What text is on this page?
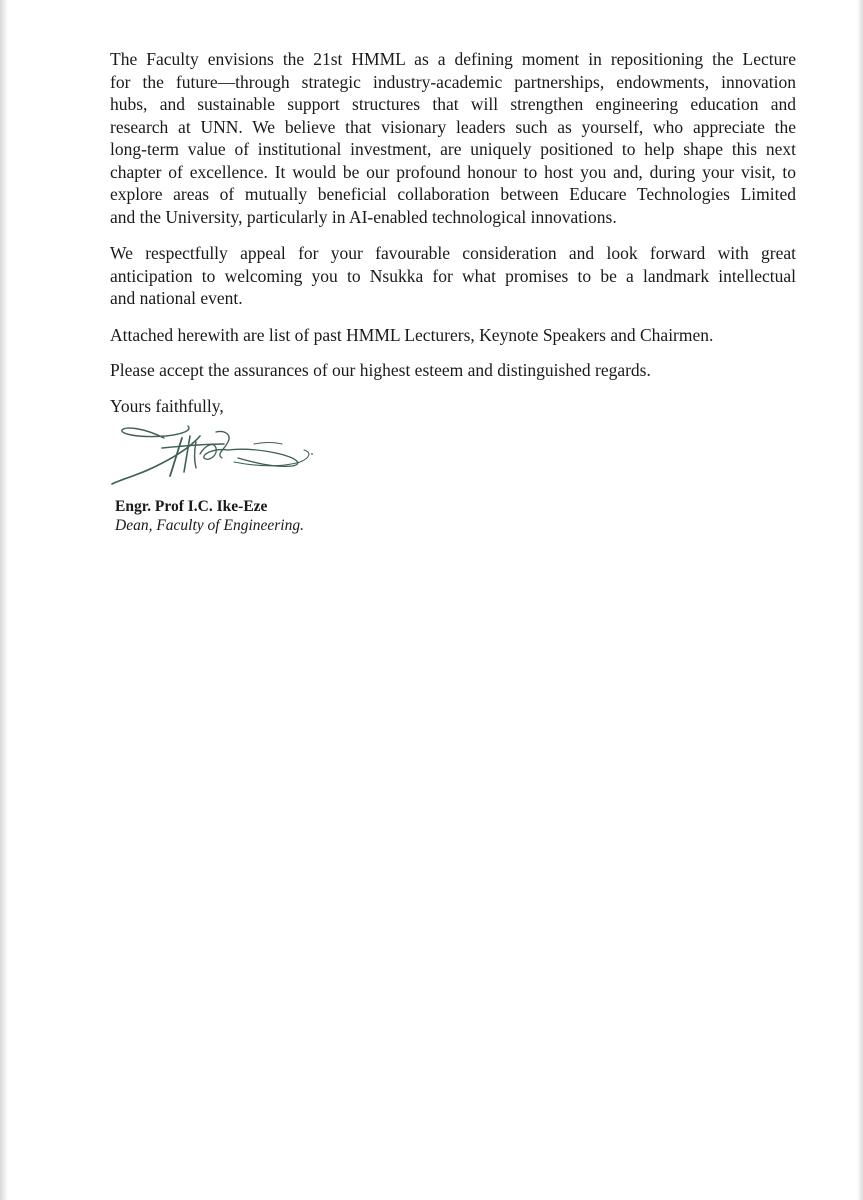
The Faculty envisions the 21st HMML as a defining moment in repositioning the Lecture
for the future—through strategic industry-academic partnerships, endowments, innovation
hubs, and sustainable support structures that will strengthen engineering education and
research at UNN. We believe that visionary leaders such as yourself, who appreciate the
long-term value of institutional investment, are uniquely positioned to help shape this next
chapter of excellence. It would be our profound honour to host you and, during your visit, to
explore areas of mutually beneficial collaboration between Educare Technologies Limited
and the University, particularly in AI-enabled technological innovations.

We respectfully appeal for your favourable consideration and look forward with great
anticipation to welcoming you to Nsukka for what promises to be a landmark intellectual
and national event.

Attached herewith are list of past HMML Lecturers, Keynote Speakers and Chairmen.

Please accept the assurances of our highest esteem and distinguished regards.

Yours faithfully,

Engr. Prof I.C. Ike-Eze

Dean, Faculty of Engineering.
